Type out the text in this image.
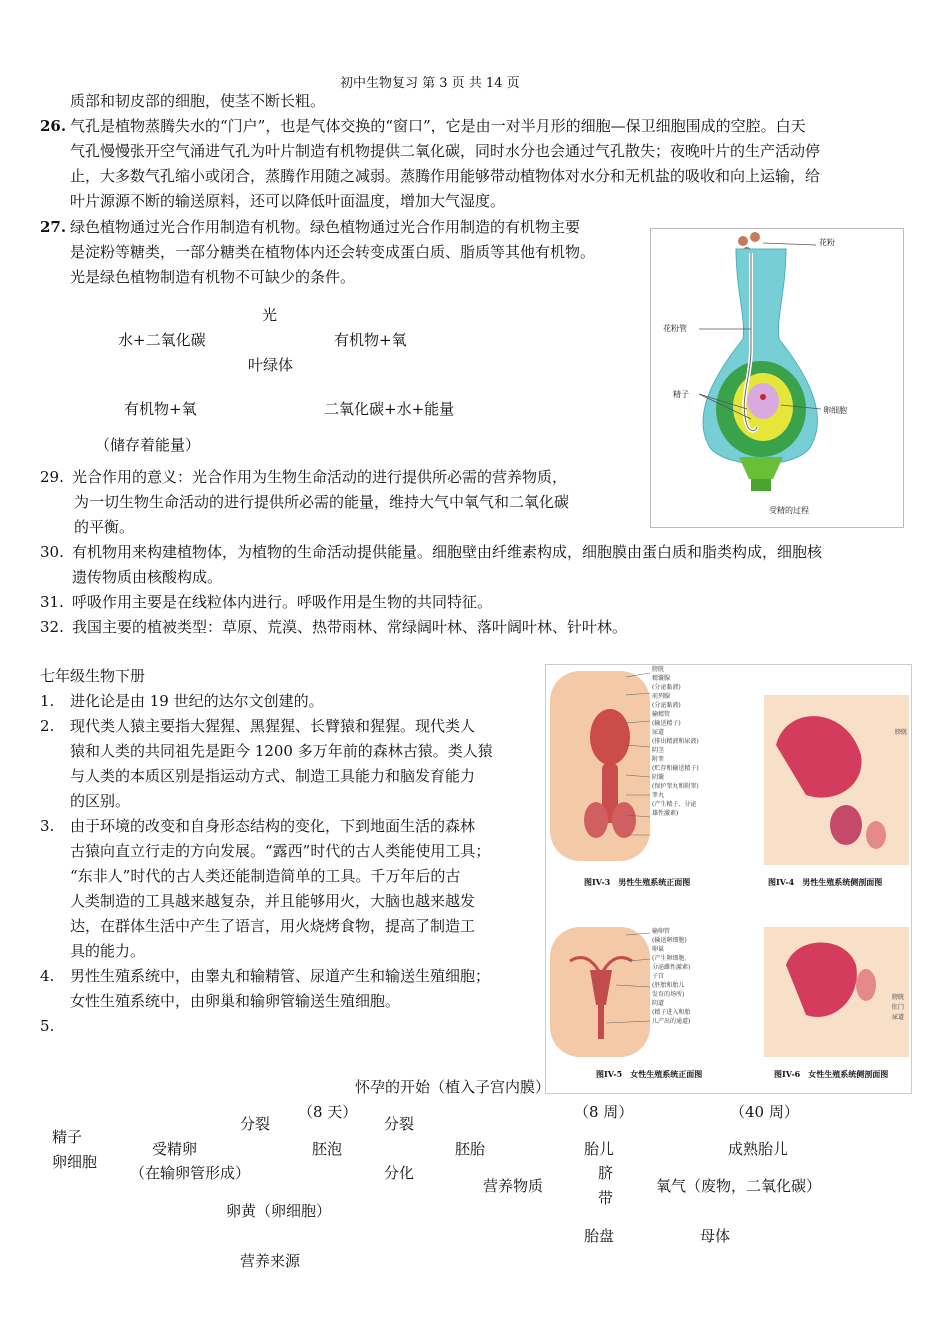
初中生物复习 第 3 页 共 14 页
质部和韧皮部的细胞，使茎不断长粗。
26. 气孔是植物蒸腾失水的“门户”，也是气体交换的“窗口”，它是由一对半月形的细胞—保卫细胞围成的空腔。白天
气孔慢慢张开空气涌进气孔为叶片制造有机物提供二氧化碳，同时水分也会通过气孔散失；夜晚叶片的生产活动停
止，大多数气孔缩小或闭合，蒸腾作用随之减弱。蒸腾作用能够带动植物体对水分和无机盐的吸收和向上运输，给
叶片源源不断的输送原料，还可以降低叶面温度，增加大气湿度。
27. 绿色植物通过光合作用制造有机物。绿色植物通过光合作用制造的有机物主要
是淀粉等糖类，一部分糖类在植物体内还会转变成蛋白质、脂质等其他有机物。
光是绿色植物制造有机物不可缺少的条件。
光
水+二氧化碳	有机物+氧
叶绿体
有机物+氧	二氧化碳+水+能量
（储存着能量）
29. 光合作用的意义：光合作用为生物生命活动的进行提供所必需的营养物质，
为一切生物生命活动的进行提供所必需的能量，维持大气中氧气和二氧化碳
的平衡。
30. 有机物用来构建植物体，为植物的生命活动提供能量。细胞壁由纤维素构成，细胞膜由蛋白质和脂类构成，细胞核
遗传物质由核酸构成。
31. 呼吸作用主要是在线粒体内进行。呼吸作用是生物的共同特征。
32. 我国主要的植被类型：草原、荒漠、热带雨林、常绿阔叶林、落叶阔叶林、针叶林。
花粉
花粉管
精子
卵细胞
受精的过程
七年级生物下册
1. 进化论是由 19 世纪的达尔文创建的。
2. 现代类人猿主要指大猩猩、黑猩猩、长臂猿和猩猩。现代类人
猿和人类的共同祖先是距今 1200 多万年前的森林古猿。类人猿
与人类的本质区别是指运动方式、制造工具能力和脑发育能力
的区别。
3. 由于环境的改变和自身形态结构的变化，下到地面生活的森林
古猿向直立行走的方向发展。“露西”时代的古人类能使用工具；
“东非人”时代的古人类还能制造简单的工具。千万年后的古
人类制造的工具越来越复杂，并且能够用火，大脑也越来越发
达，在群体生活中产生了语言，用火烧烤食物，提高了制造工
具的能力。
4. 男性生殖系统中，由睾丸和输精管、尿道产生和输送生殖细胞；
女性生殖系统中，由卵巢和输卵管输送生殖细胞。
5.
膀胱
精囊腺
(分泌黏液)
前列腺
(分泌黏液)
输精管
(输送精子)
尿道
(排出精液和尿液)
阴茎
附睾
(贮存和输送精子)
阴囊
(保护睾丸和附睾)
睾丸
(产生精子、分泌
雄性激素)
膀胱
图IV-3　男性生殖系统正面图	图IV-4　男性生殖系统侧剖面图
输卵管
(输送卵细胞)
卵巢
(产生卵细胞、
分泌雌性激素)
子宫
(胚胎和胎儿
发育的场所)
阴道
(精子进入和胎
儿产出的通道)
膀胱
肛门
尿道
图IV-5　女性生殖系统正面图	图IV-6　女性生殖系统侧剖面图
怀孕的开始（植入子宫内膜）
（8 天）	（8 周）	（40 周）
精子
卵细胞
分裂	分裂
受精卵
（在输卵管形成）
胚泡	胚胎	胎儿	成熟胎儿
分化	脐
营养物质	氧气（废物，二氧化碳）
带
卵黄（卵细胞）
胎盘	母体
营养来源
